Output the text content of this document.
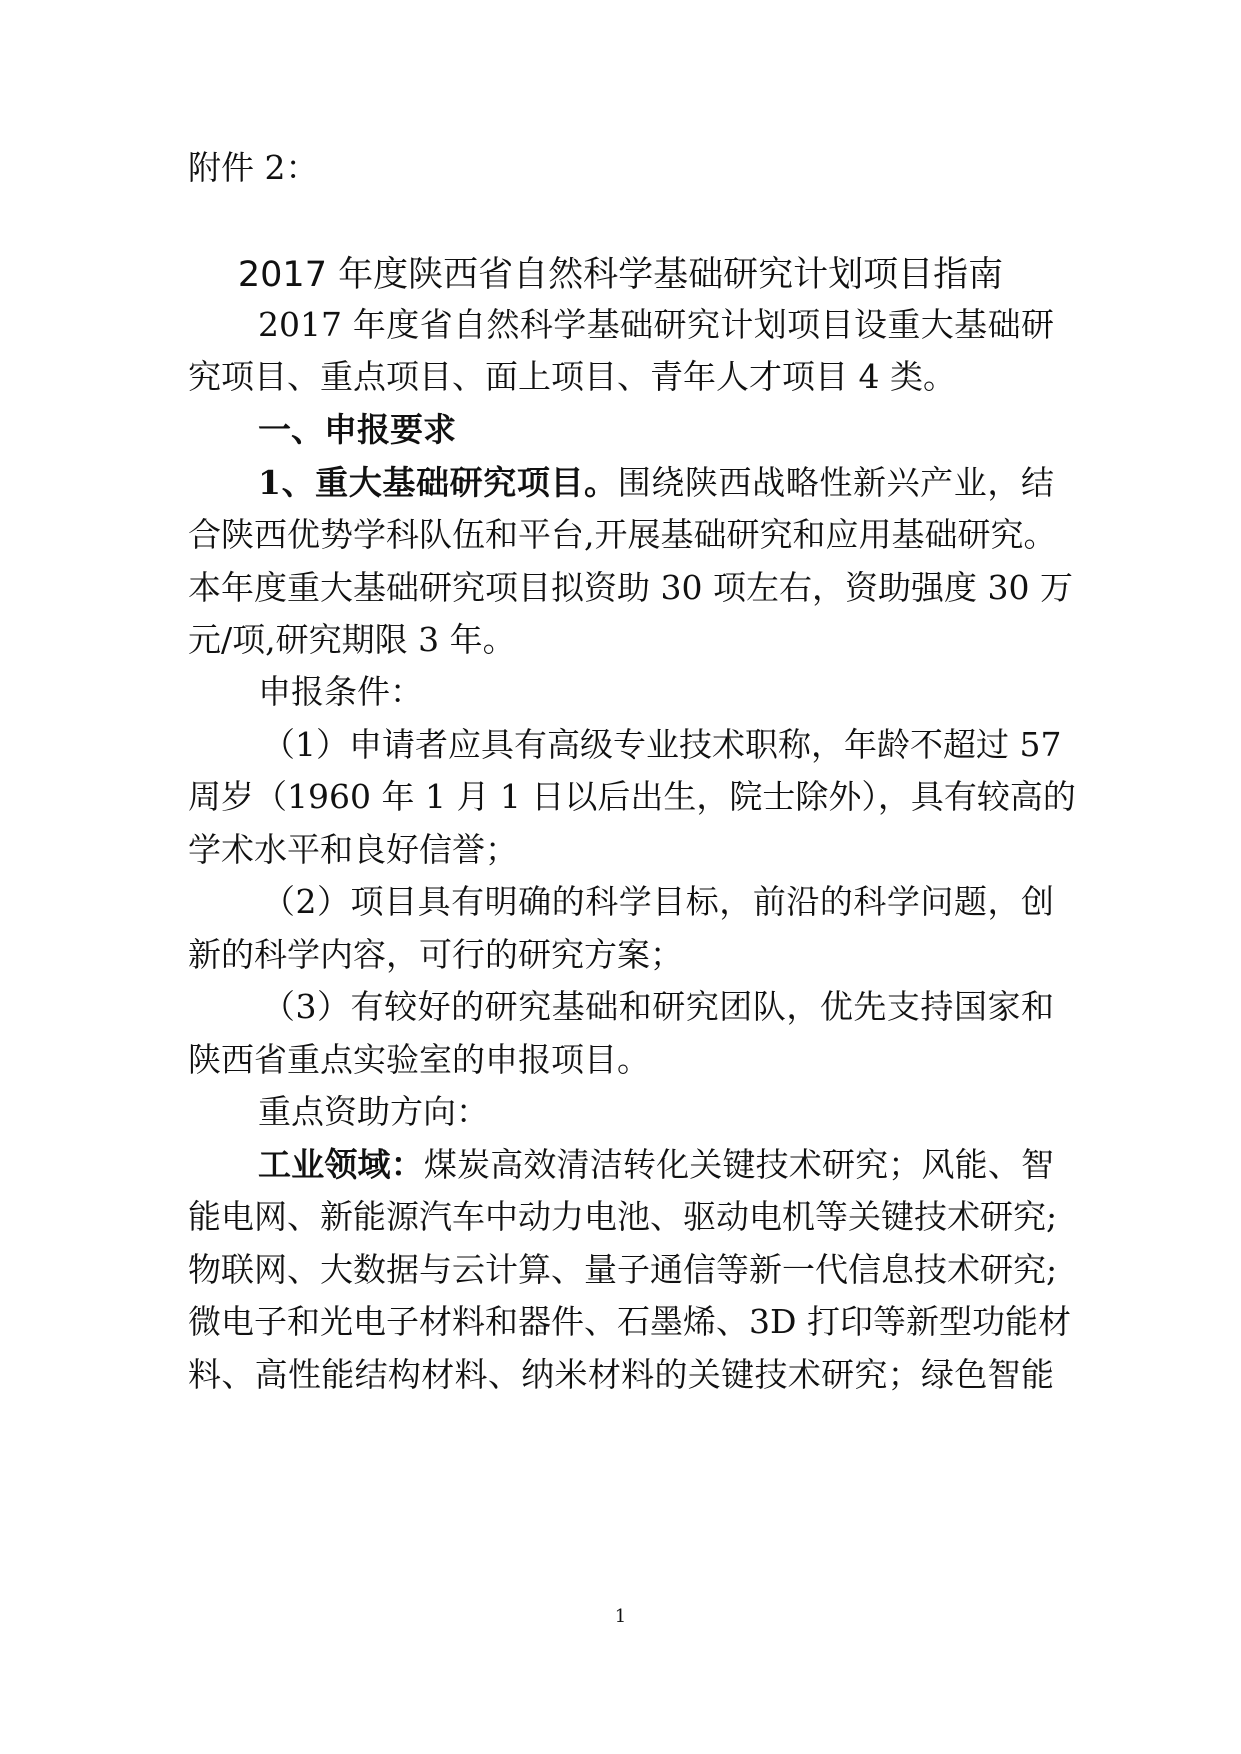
附件 2：
2017 年度陕西省自然科学基础研究计划项目指南
2017 年度省自然科学基础研究计划项目设重大基础研
究项目、重点项目、面上项目、青年人才项目 4 类。
一、申报要求
1、重大基础研究项目。围绕陕西战略性新兴产业，结
合陕西优势学科队伍和平台,开展基础研究和应用基础研究。
本年度重大基础研究项目拟资助 30 项左右，资助强度 30 万
元/项,研究期限 3 年。
申报条件：
（1）申请者应具有高级专业技术职称，年龄不超过 57
周岁（1960 年 1 月 1 日以后出生，院士除外），具有较高的
学术水平和良好信誉；
（2）项目具有明确的科学目标，前沿的科学问题，创
新的科学内容，可行的研究方案；
（3）有较好的研究基础和研究团队，优先支持国家和
陕西省重点实验室的申报项目。
重点资助方向：
工业领域：煤炭高效清洁转化关键技术研究；风能、智
能电网、新能源汽车中动力电池、驱动电机等关键技术研究;
物联网、大数据与云计算、量子通信等新一代信息技术研究;
微电子和光电子材料和器件、石墨烯、3D 打印等新型功能材
料、高性能结构材料、纳米材料的关键技术研究；绿色智能
1
